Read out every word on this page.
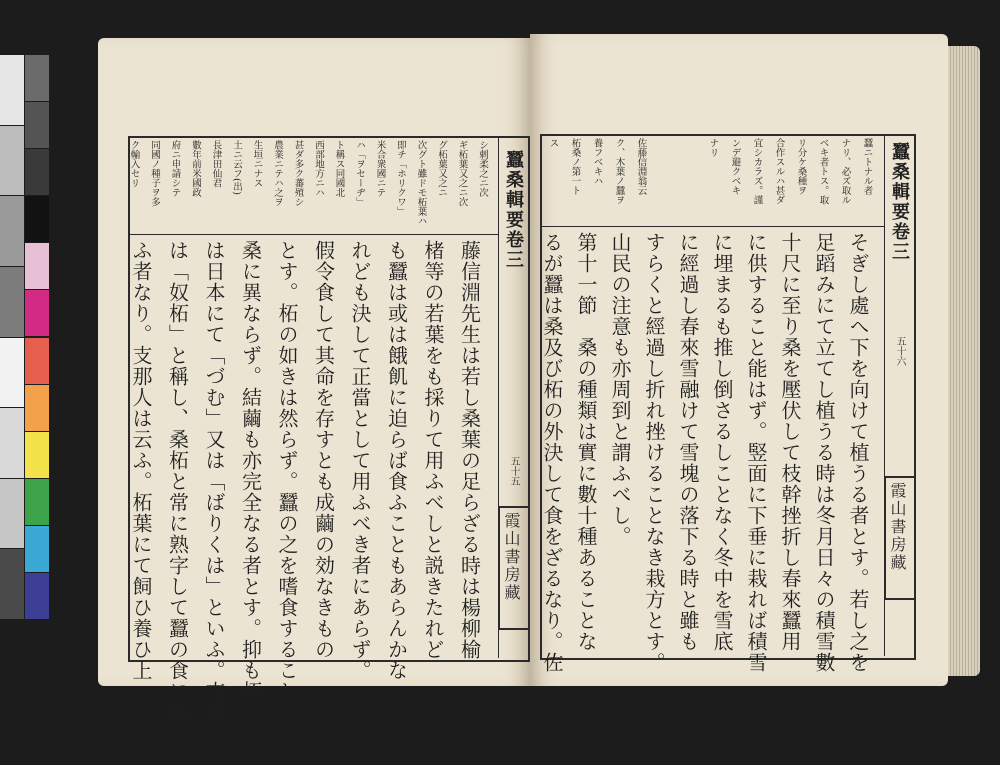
蠶桑輯要卷三
五十五
霞山書房藏
シ剌柔之ニ次
ギ柘葉又之ニ次
グ柘葉又之ニ
次グト雖ドモ柘葉ハ
即チ「ホリクワ」
米合衆國ニテ
ハ「ヲセーヂ」
ト稱ス同國北
西部地方ニハ
甚ダ多ク蕃殖シ
農業ニテハ之ヲ
生垣ニナス
土ニ云フ(出)
長津田仙君
數年前米國政
府ニ申請シテ
同國ノ種子ヲ多
ク輸入セリ
藤信淵先生は若し桑葉の足らざる時は楊柳榆
楮等の若葉をも採りて用ふべしと説きたれど
も蠶は或は餓飢に迫らば食ふこともあらんかな
れども決して正當として用ふべき者にあらず。
假令食して其命を存すとも成繭の効なきもの
とす。柘の如きは然らず。蠶の之を嗜食すること、
桑に異ならず。結繭も亦完全なる者とす。抑も柘
は日本にて「づむ」又は「ばりくは」といふ。支那にて
は「奴柘」と稱し、桑柘と常に熟字して蠶の食に協
ふ者なり。支那人は云ふ。柘葉にて飼ひ養ひ上
蠶桑輯要卷三
五十六
霞山書房藏
佐藤信淵翁云
ク、木葉ノ蠶ヲ
養フベキハ
柘桑ノ第一ト
ス	蠶ニトナル者
ナリ、必ズ取ル
ベキ者トス。取
リ分ケ桑種ヲ
合作スルハ甚ダ
宜シカラズ。謹
ンデ避クベキ
ナリ
そぎし處へ下を向けて植うる者とす。若し之を
足蹈みにて立てし植うる時は冬月日々の積雪數
十尺に至り桑を壓伏して枝幹挫折し春來蠶用
に供すること能はず。竪面に下垂に栽れば積雪
に埋まるも推し倒さるしことなく冬中を雪底
に經過し春來雪融けて雪塊の落下る時と雖も
すらくと經過し折れ挫けることなき栽方とす。
山民の注意も亦周到と謂ふべし。
第十一節　桑の種類は實に數十種あることな
るが蠶は桑及び柘の外決して食をざるなり。佐
